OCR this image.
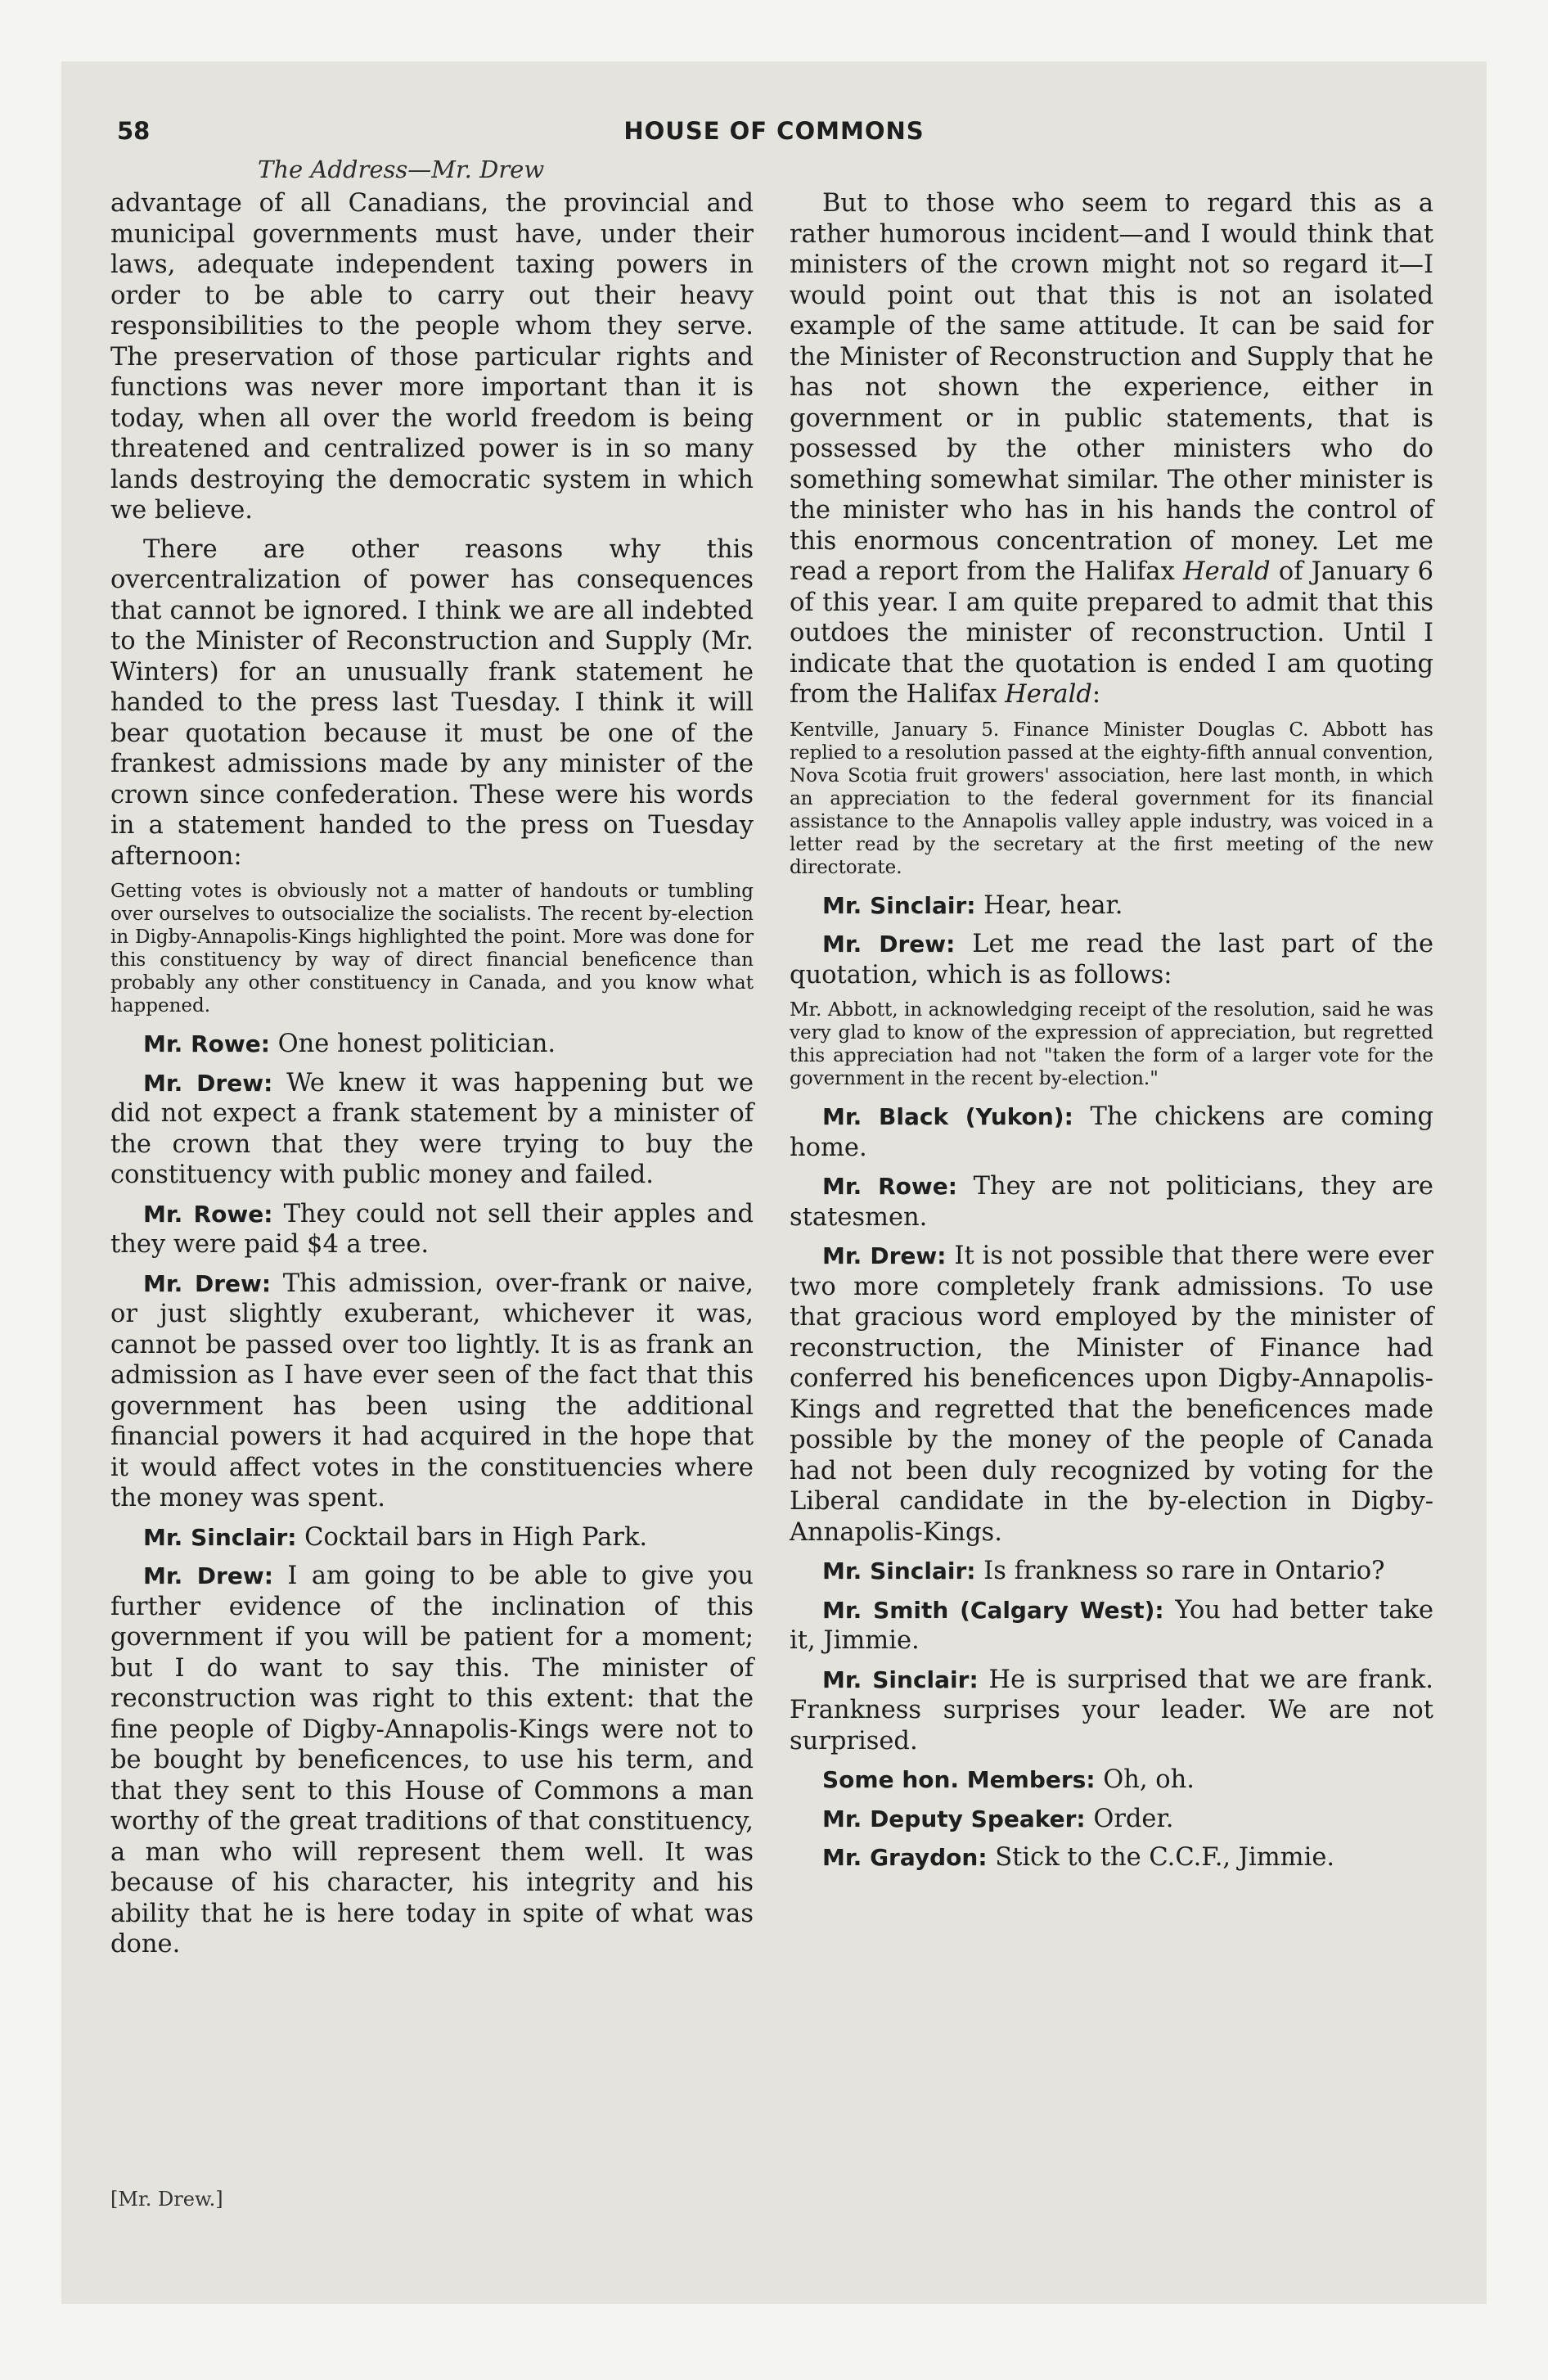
58	HOUSE OF COMMONS
The Address—Mr. Drew

advantage of all Canadians, the provincial and municipal governments must have, under their laws, adequate independent taxing powers in order to be able to carry out their heavy responsibilities to the people whom they serve. The preservation of those particular rights and functions was never more important than it is today, when all over the world freedom is being threatened and centralized power is in so many lands destroying the democratic system in which we believe.

There are other reasons why this overcentralization of power has consequences that cannot be ignored. I think we are all indebted to the Minister of Reconstruction and Supply (Mr. Winters) for an unusually frank statement he handed to the press last Tuesday. I think it will bear quotation because it must be one of the frankest admissions made by any minister of the crown since confederation. These were his words in a statement handed to the press on Tuesday afternoon:

Getting votes is obviously not a matter of handouts or tumbling over ourselves to outsocialize the socialists. The recent by-election in Digby-Annapolis-Kings highlighted the point. More was done for this constituency by way of direct financial beneficence than probably any other constituency in Canada, and you know what happened.

Mr. Rowe: One honest politician.

Mr. Drew: We knew it was happening but we did not expect a frank statement by a minister of the crown that they were trying to buy the constituency with public money and failed.

Mr. Rowe: They could not sell their apples and they were paid $4 a tree.

Mr. Drew: This admission, over-frank or naive, or just slightly exuberant, whichever it was, cannot be passed over too lightly. It is as frank an admission as I have ever seen of the fact that this government has been using the additional financial powers it had acquired in the hope that it would affect votes in the constituencies where the money was spent.

Mr. Sinclair: Cocktail bars in High Park.

Mr. Drew: I am going to be able to give you further evidence of the inclination of this government if you will be patient for a moment; but I do want to say this. The minister of reconstruction was right to this extent: that the fine people of Digby-Annapolis-Kings were not to be bought by beneficences, to use his term, and that they sent to this House of Commons a man worthy of the great traditions of that constituency, a man who will represent them well. It was because of his character, his integrity and his ability that he is here today in spite of what was done.

[Mr. Drew.]

But to those who seem to regard this as a rather humorous incident—and I would think that ministers of the crown might not so regard it—I would point out that this is not an isolated example of the same attitude. It can be said for the Minister of Reconstruction and Supply that he has not shown the experience, either in government or in public statements, that is possessed by the other ministers who do something somewhat similar. The other minister is the minister who has in his hands the control of this enormous concentration of money. Let me read a report from the Halifax Herald of January 6 of this year. I am quite prepared to admit that this outdoes the minister of reconstruction. Until I indicate that the quotation is ended I am quoting from the Halifax Herald:

Kentville, January 5. Finance Minister Douglas C. Abbott has replied to a resolution passed at the eighty-fifth annual convention, Nova Scotia fruit growers' association, here last month, in which an appreciation to the federal government for its financial assistance to the Annapolis valley apple industry, was voiced in a letter read by the secretary at the first meeting of the new directorate.

Mr. Sinclair: Hear, hear.

Mr. Drew: Let me read the last part of the quotation, which is as follows:

Mr. Abbott, in acknowledging receipt of the resolution, said he was very glad to know of the expression of appreciation, but regretted this appreciation had not "taken the form of a larger vote for the government in the recent by-election."

Mr. Black (Yukon): The chickens are coming home.

Mr. Rowe: They are not politicians, they are statesmen.

Mr. Drew: It is not possible that there were ever two more completely frank admissions. To use that gracious word employed by the minister of reconstruction, the Minister of Finance had conferred his beneficences upon Digby-Annapolis-Kings and regretted that the beneficences made possible by the money of the people of Canada had not been duly recognized by voting for the Liberal candidate in the by-election in Digby-Annapolis-Kings.

Mr. Sinclair: Is frankness so rare in Ontario?

Mr. Smith (Calgary West): You had better take it, Jimmie.

Mr. Sinclair: He is surprised that we are frank. Frankness surprises your leader. We are not surprised.

Some hon. Members: Oh, oh.

Mr. Deputy Speaker: Order.

Mr. Graydon: Stick to the C.C.F., Jimmie.
